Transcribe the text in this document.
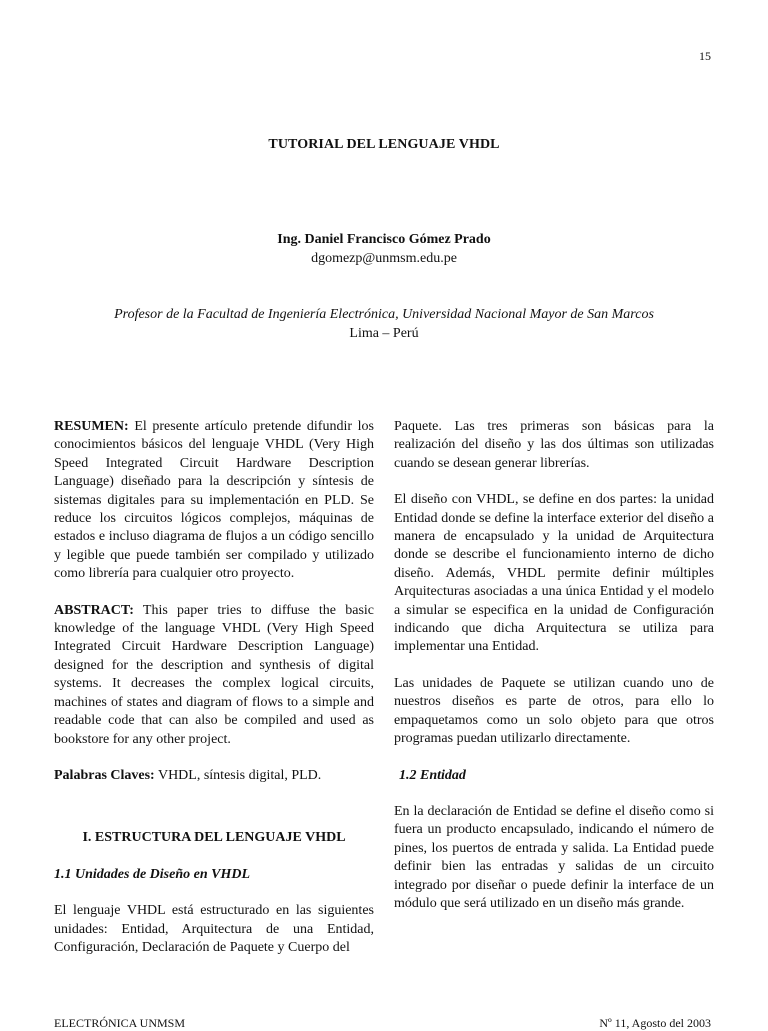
15
TUTORIAL DEL LENGUAJE VHDL
Ing. Daniel Francisco Gómez Prado
dgomezp@unmsm.edu.pe
Profesor de la Facultad de Ingeniería Electrónica, Universidad Nacional Mayor de San Marcos
Lima – Perú

RESUMEN: El presente artículo pretende difundir los conocimientos básicos del lenguaje VHDL (Very High Speed Integrated Circuit Hardware Description Language) diseñado para la descripción y síntesis de sistemas digitales para su implementación en PLD. Se reduce los circuitos lógicos complejos, máquinas de estados e incluso diagrama de flujos a un código sencillo y legible que puede también ser compilado y utilizado como librería para cualquier otro proyecto.

ABSTRACT: This paper tries to diffuse the basic knowledge of the language VHDL (Very High Speed Integrated Circuit Hardware Description Language) designed for the description and synthesis of digital systems. It decreases the complex logical circuits, machines of states and diagram of flows to a simple and readable code that can also be compiled and used as bookstore for any other project.

Palabras Claves: VHDL, síntesis digital, PLD.

I. ESTRUCTURA DEL LENGUAJE VHDL
1.1 Unidades de Diseño en VHDL

El lenguaje VHDL está estructurado en las siguientes unidades: Entidad, Arquitectura de una Entidad, Configuración, Declaración de Paquete y Cuerpo del

Paquete. Las tres primeras son básicas para la realización del diseño y las dos últimas son utilizadas cuando se desean generar librerías.

El diseño con VHDL, se define en dos partes: la unidad Entidad donde se define la interface exterior del diseño a manera de encapsulado y la unidad de Arquitectura donde se describe el funcionamiento interno de dicho diseño. Además, VHDL permite definir múltiples Arquitecturas asociadas a una única Entidad y el modelo a simular se especifica en la unidad de Configuración indicando que dicha Arquitectura se utiliza para implementar una Entidad.

Las unidades de Paquete se utilizan cuando uno de nuestros diseños es parte de otros, para ello lo empaquetamos como un solo objeto para que otros programas puedan utilizarlo directamente.

1.2 Entidad

En la declaración de Entidad se define el diseño como si fuera un producto encapsulado, indicando el número de pines, los puertos de entrada y salida. La Entidad puede definir bien las entradas y salidas de un circuito integrado por diseñar o puede definir la interface de un módulo que será utilizado en un diseño más grande.

ELECTRÓNICA UNMSM	Nº 11, Agosto del 2003
